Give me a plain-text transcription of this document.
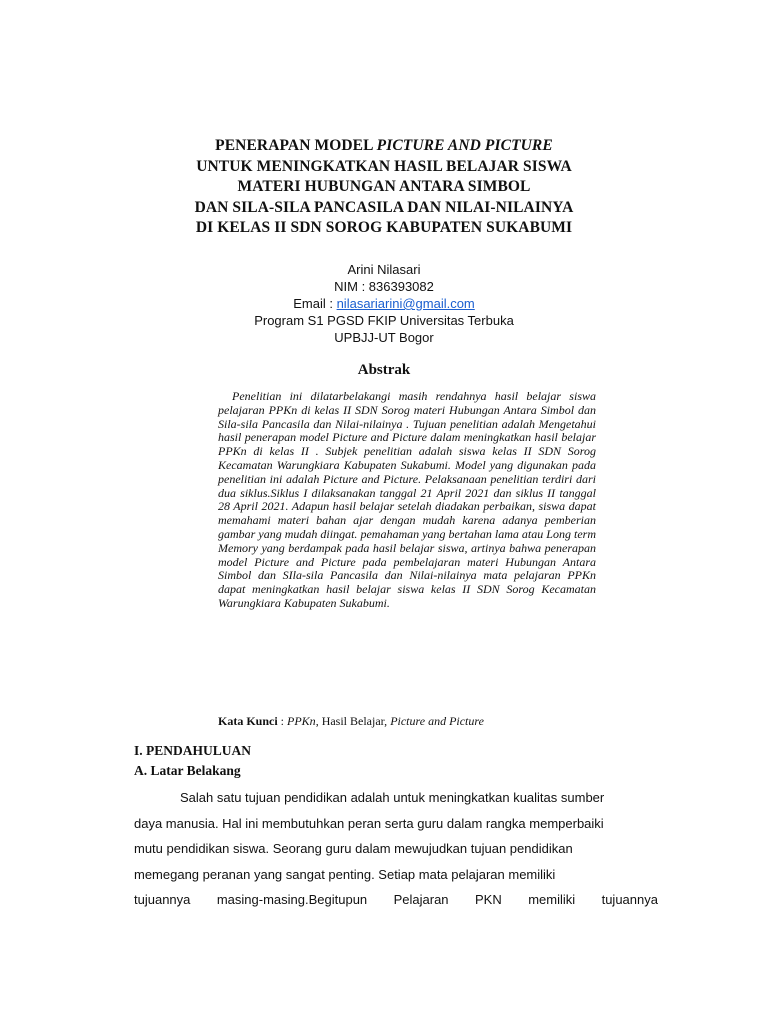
PENERAPAN MODEL PICTURE AND PICTURE
UNTUK MENINGKATKAN HASIL BELAJAR SISWA
MATERI HUBUNGAN ANTARA SIMBOL
DAN SILA-SILA PANCASILA DAN NILAI-NILAINYA
DI KELAS II SDN SOROG KABUPATEN SUKABUMI
Arini Nilasari
NIM : 836393082
Email : nilasariarini@gmail.com
Program S1 PGSD FKIP Universitas Terbuka
UPBJJ-UT Bogor
Abstrak
Penelitian ini dilatarbelakangi masih rendahnya hasil belajar siswa pelajaran PPKn di kelas II SDN Sorog materi Hubungan Antara Simbol dan Sila-sila Pancasila dan Nilai-nilainya . Tujuan penelitian adalah Mengetahui hasil penerapan model Picture and Picture dalam meningkatkan hasil belajar PPKn di kelas II . Subjek penelitian adalah siswa kelas II SDN Sorog Kecamatan Warungkiara Kabupaten Sukabumi. Model yang digunakan pada penelitian ini adalah Picture and Picture. Pelaksanaan penelitian terdiri dari dua siklus.Siklus I dilaksanakan tanggal 21 April 2021 dan siklus II tanggal 28 April 2021. Adapun hasil belajar setelah diadakan perbaikan, siswa dapat memahami materi bahan ajar dengan mudah karena adanya pemberian gambar yang mudah diingat. pemahaman yang bertahan lama atau Long term Memory yang berdampak pada hasil belajar siswa, artinya bahwa penerapan model Picture and Picture pada pembelajaran materi Hubungan Antara Simbol dan SIla-sila Pancasila dan Nilai-nilainya mata pelajaran PPKn dapat meningkatkan hasil belajar siswa kelas II SDN Sorog Kecamatan Warungkiara Kabupaten Sukabumi.
Kata Kunci : PPKn, Hasil Belajar, Picture and Picture
I. PENDAHULUAN
A. Latar Belakang
Salah satu tujuan pendidikan adalah untuk meningkatkan kualitas sumber
daya manusia. Hal ini membutuhkan peran serta guru dalam rangka memperbaiki
mutu pendidikan siswa. Seorang guru dalam mewujudkan tujuan pendidikan
memegang peranan yang sangat penting. Setiap mata pelajaran memiliki
tujuannya masing-masing.Begitupun Pelajaran PKN memiliki tujuannya
